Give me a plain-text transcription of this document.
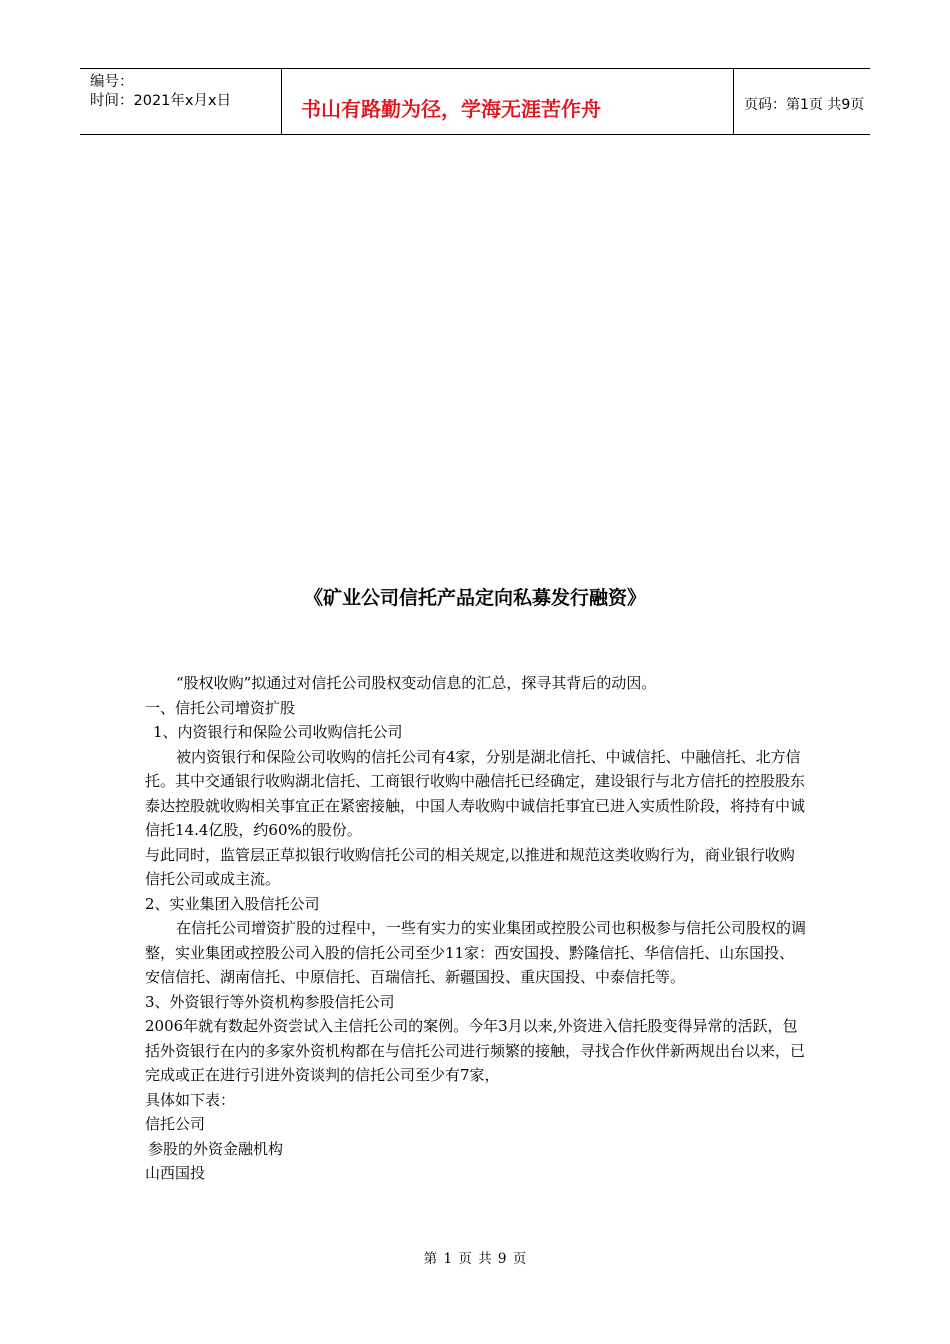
编号：
时间：2021年x月x日	书山有路勤为径，学海无涯苦作舟	页码：第1页 共9页
《矿业公司信托产品定向私募发行融资》

“股权收购”拟通过对信托公司股权变动信息的汇总，探寻其背后的动因。

一、信托公司增资扩股

1、内资银行和保险公司收购信托公司

被内资银行和保险公司收购的信托公司有4家，分别是湖北信托、中诚信托、中融信托、北方信托。其中交通银行收购湖北信托、工商银行收购中融信托已经确定，建设银行与北方信托的控股股东泰达控股就收购相关事宜正在紧密接触，中国人寿收购中诚信托事宜已进入实质性阶段，将持有中诚信托14.4亿股，约60%的股份。

与此同时，监管层正草拟银行收购信托公司的相关规定,以推进和规范这类收购行为，商业银行收购信托公司或成主流。

2、实业集团入股信托公司

在信托公司增资扩股的过程中，一些有实力的实业集团或控股公司也积极参与信托公司股权的调整，实业集团或控股公司入股的信托公司至少11家：西安国投、黔隆信托、华信信托、山东国投、安信信托、湖南信托、中原信托、百瑞信托、新疆国投、重庆国投、中泰信托等。

3、外资银行等外资机构参股信托公司

2006年就有数起外资尝试入主信托公司的案例。今年3月以来,外资进入信托股变得异常的活跃，包括外资银行在内的多家外资机构都在与信托公司进行频繁的接触，寻找合作伙伴新两规出台以来，已完成或正在进行引进外资谈判的信托公司至少有7家，

具体如下表：

信托公司

参股的外资金融机构

山西国投

第 1 页 共 9 页
